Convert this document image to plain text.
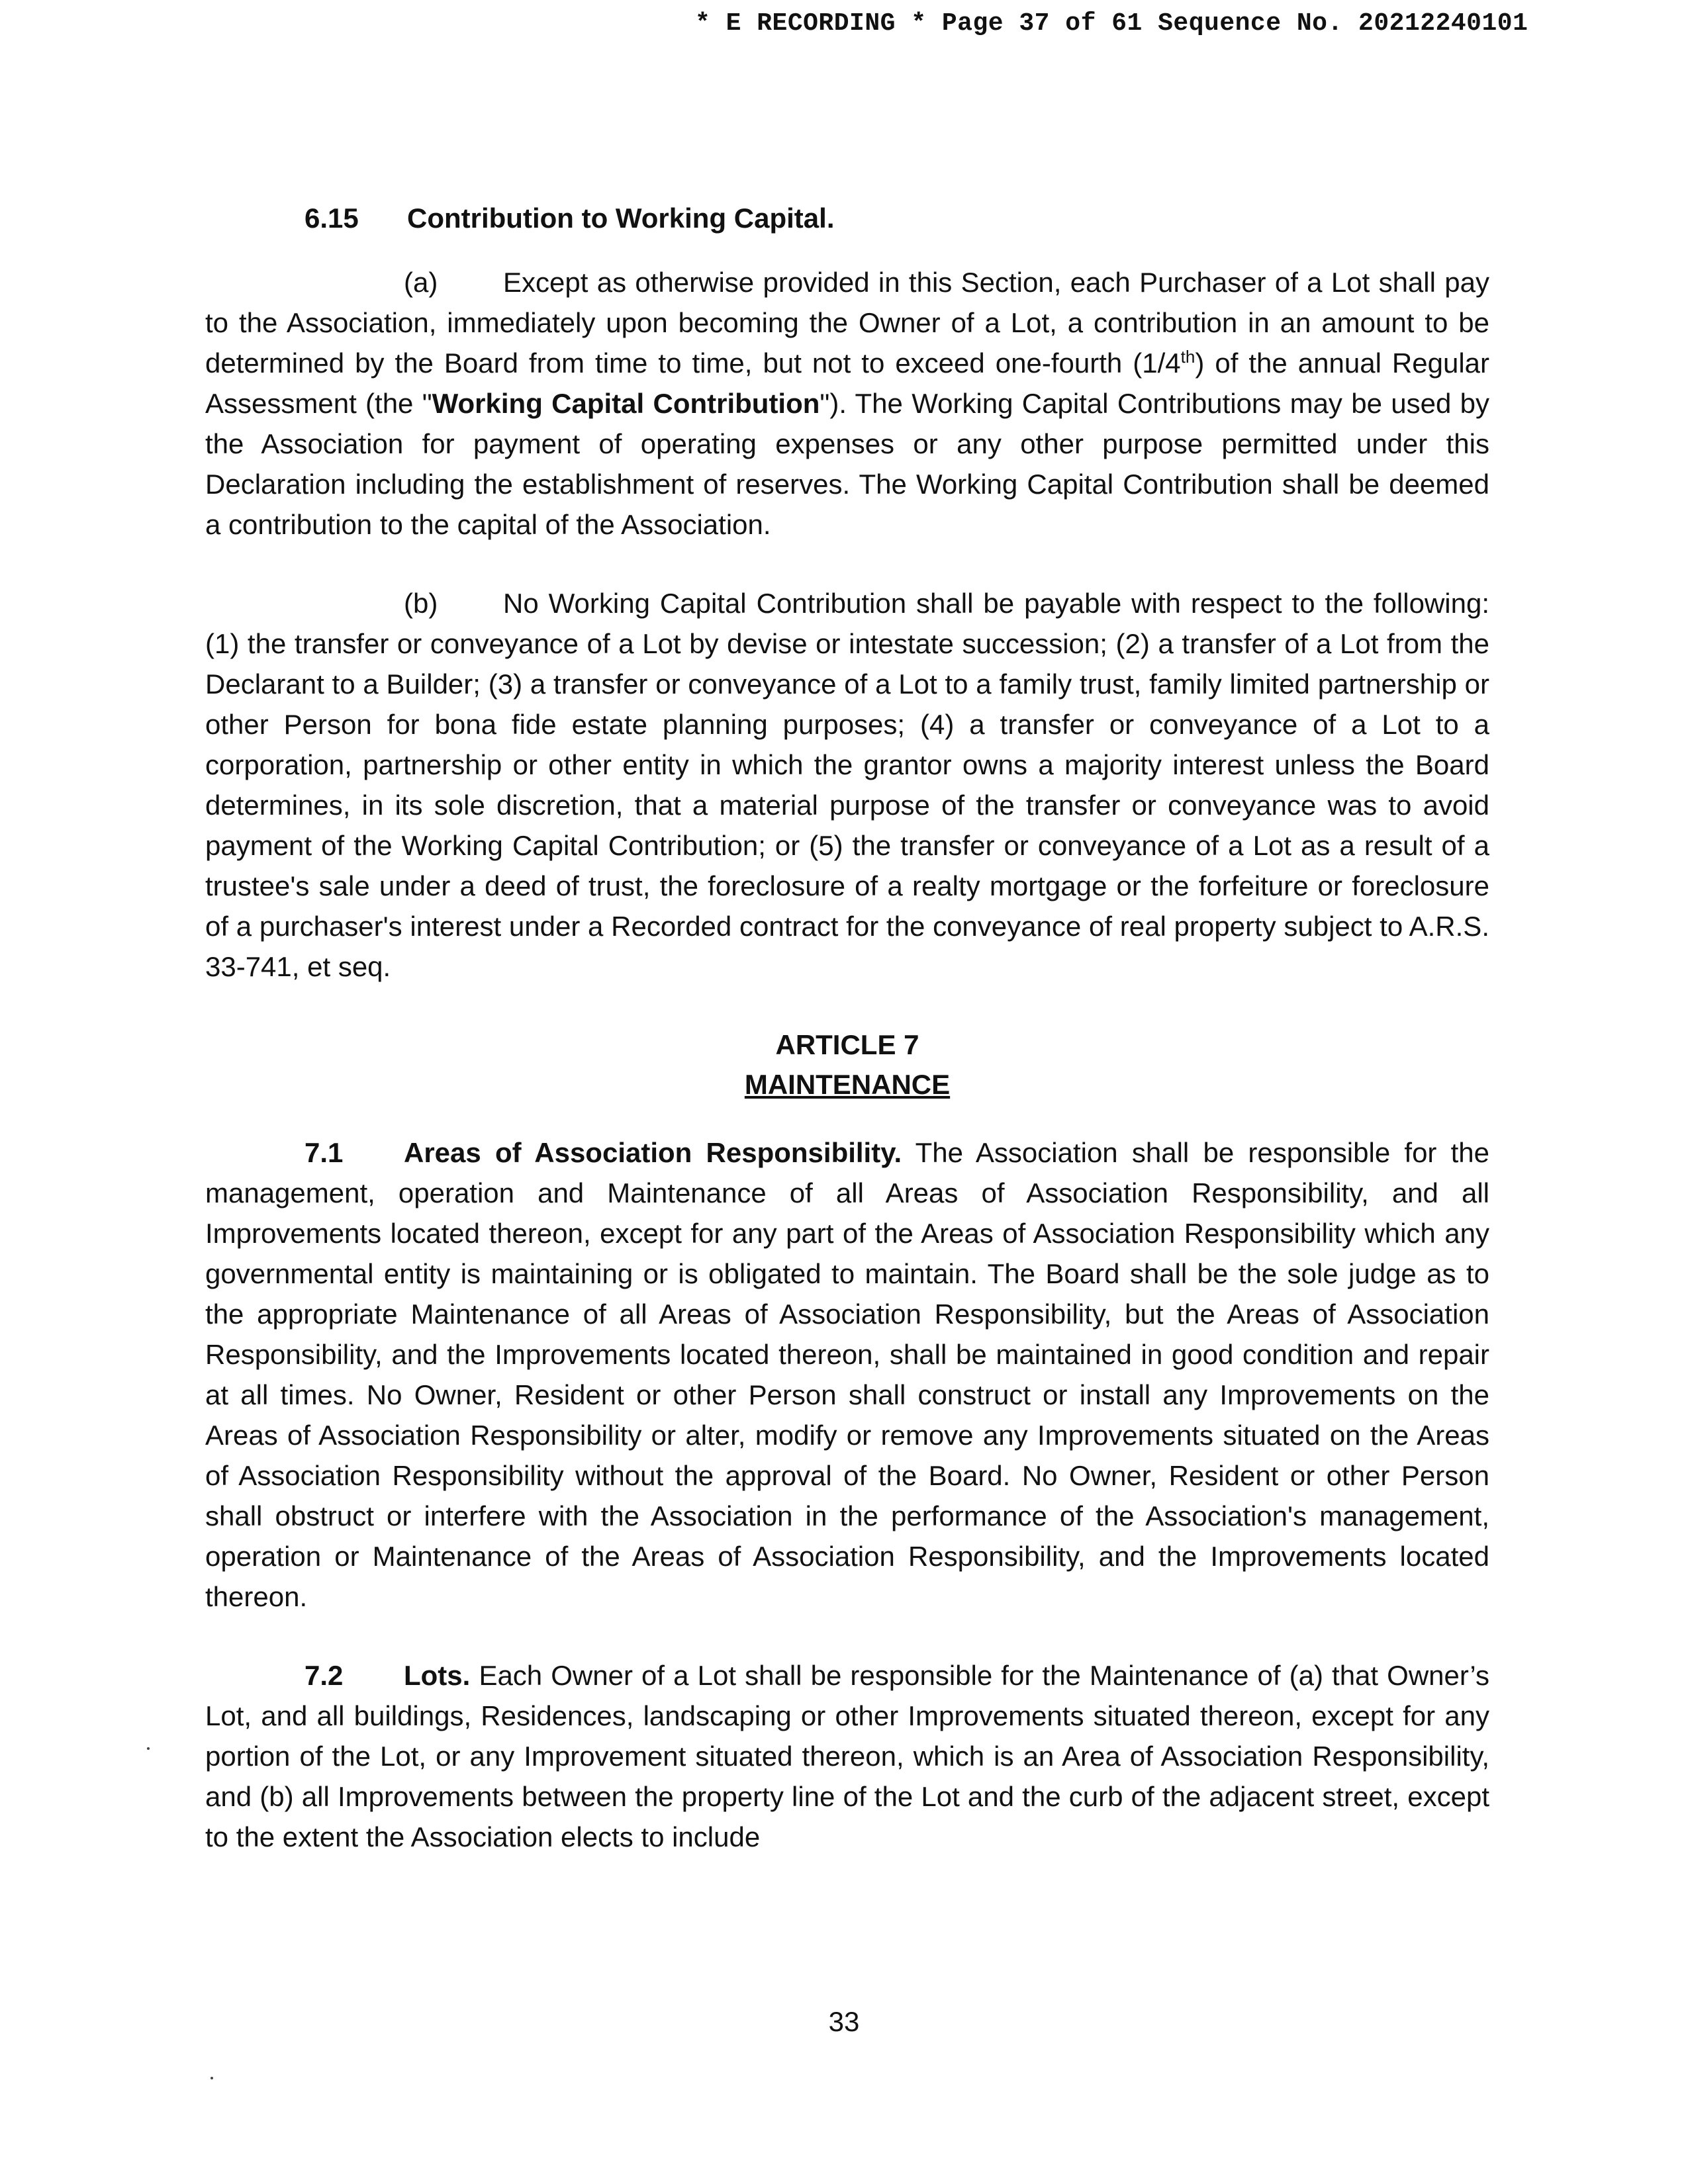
* E RECORDING * Page 37 of 61 Sequence No. 20212240101
6.15 Contribution to Working Capital.

(a) Except as otherwise provided in this Section, each Purchaser of a Lot shall pay to the Association, immediately upon becoming the Owner of a Lot, a contribution in an amount to be determined by the Board from time to time, but not to exceed one-fourth (1/4th) of the annual Regular Assessment (the "Working Capital Contribution"). The Working Capital Contributions may be used by the Association for payment of operating expenses or any other purpose permitted under this Declaration including the establishment of reserves. The Working Capital Contribution shall be deemed a contribution to the capital of the Association.

(b) No Working Capital Contribution shall be payable with respect to the following: (1) the transfer or conveyance of a Lot by devise or intestate succession; (2) a transfer of a Lot from the Declarant to a Builder; (3) a transfer or conveyance of a Lot to a family trust, family limited partnership or other Person for bona fide estate planning purposes; (4) a transfer or conveyance of a Lot to a corporation, partnership or other entity in which the grantor owns a majority interest unless the Board determines, in its sole discretion, that a material purpose of the transfer or conveyance was to avoid payment of the Working Capital Contribution; or (5) the transfer or conveyance of a Lot as a result of a trustee's sale under a deed of trust, the foreclosure of a realty mortgage or the forfeiture or foreclosure of a purchaser's interest under a Recorded contract for the conveyance of real property subject to A.R.S. 33-741, et seq.

ARTICLE 7
MAINTENANCE

7.1 Areas of Association Responsibility. The Association shall be responsible for the management, operation and Maintenance of all Areas of Association Responsibility, and all Improvements located thereon, except for any part of the Areas of Association Responsibility which any governmental entity is maintaining or is obligated to maintain. The Board shall be the sole judge as to the appropriate Maintenance of all Areas of Association Responsibility, but the Areas of Association Responsibility, and the Improvements located thereon, shall be maintained in good condition and repair at all times. No Owner, Resident or other Person shall construct or install any Improvements on the Areas of Association Responsibility or alter, modify or remove any Improvements situated on the Areas of Association Responsibility without the approval of the Board. No Owner, Resident or other Person shall obstruct or interfere with the Association in the performance of the Association's management, operation or Maintenance of the Areas of Association Responsibility, and the Improvements located thereon.

7.2 Lots. Each Owner of a Lot shall be responsible for the Maintenance of (a) that Owner’s Lot, and all buildings, Residences, landscaping or other Improvements situated thereon, except for any portion of the Lot, or any Improvement situated thereon, which is an Area of Association Responsibility, and (b) all Improvements between the property line of the Lot and the curb of the adjacent street, except to the extent the Association elects to include

33
